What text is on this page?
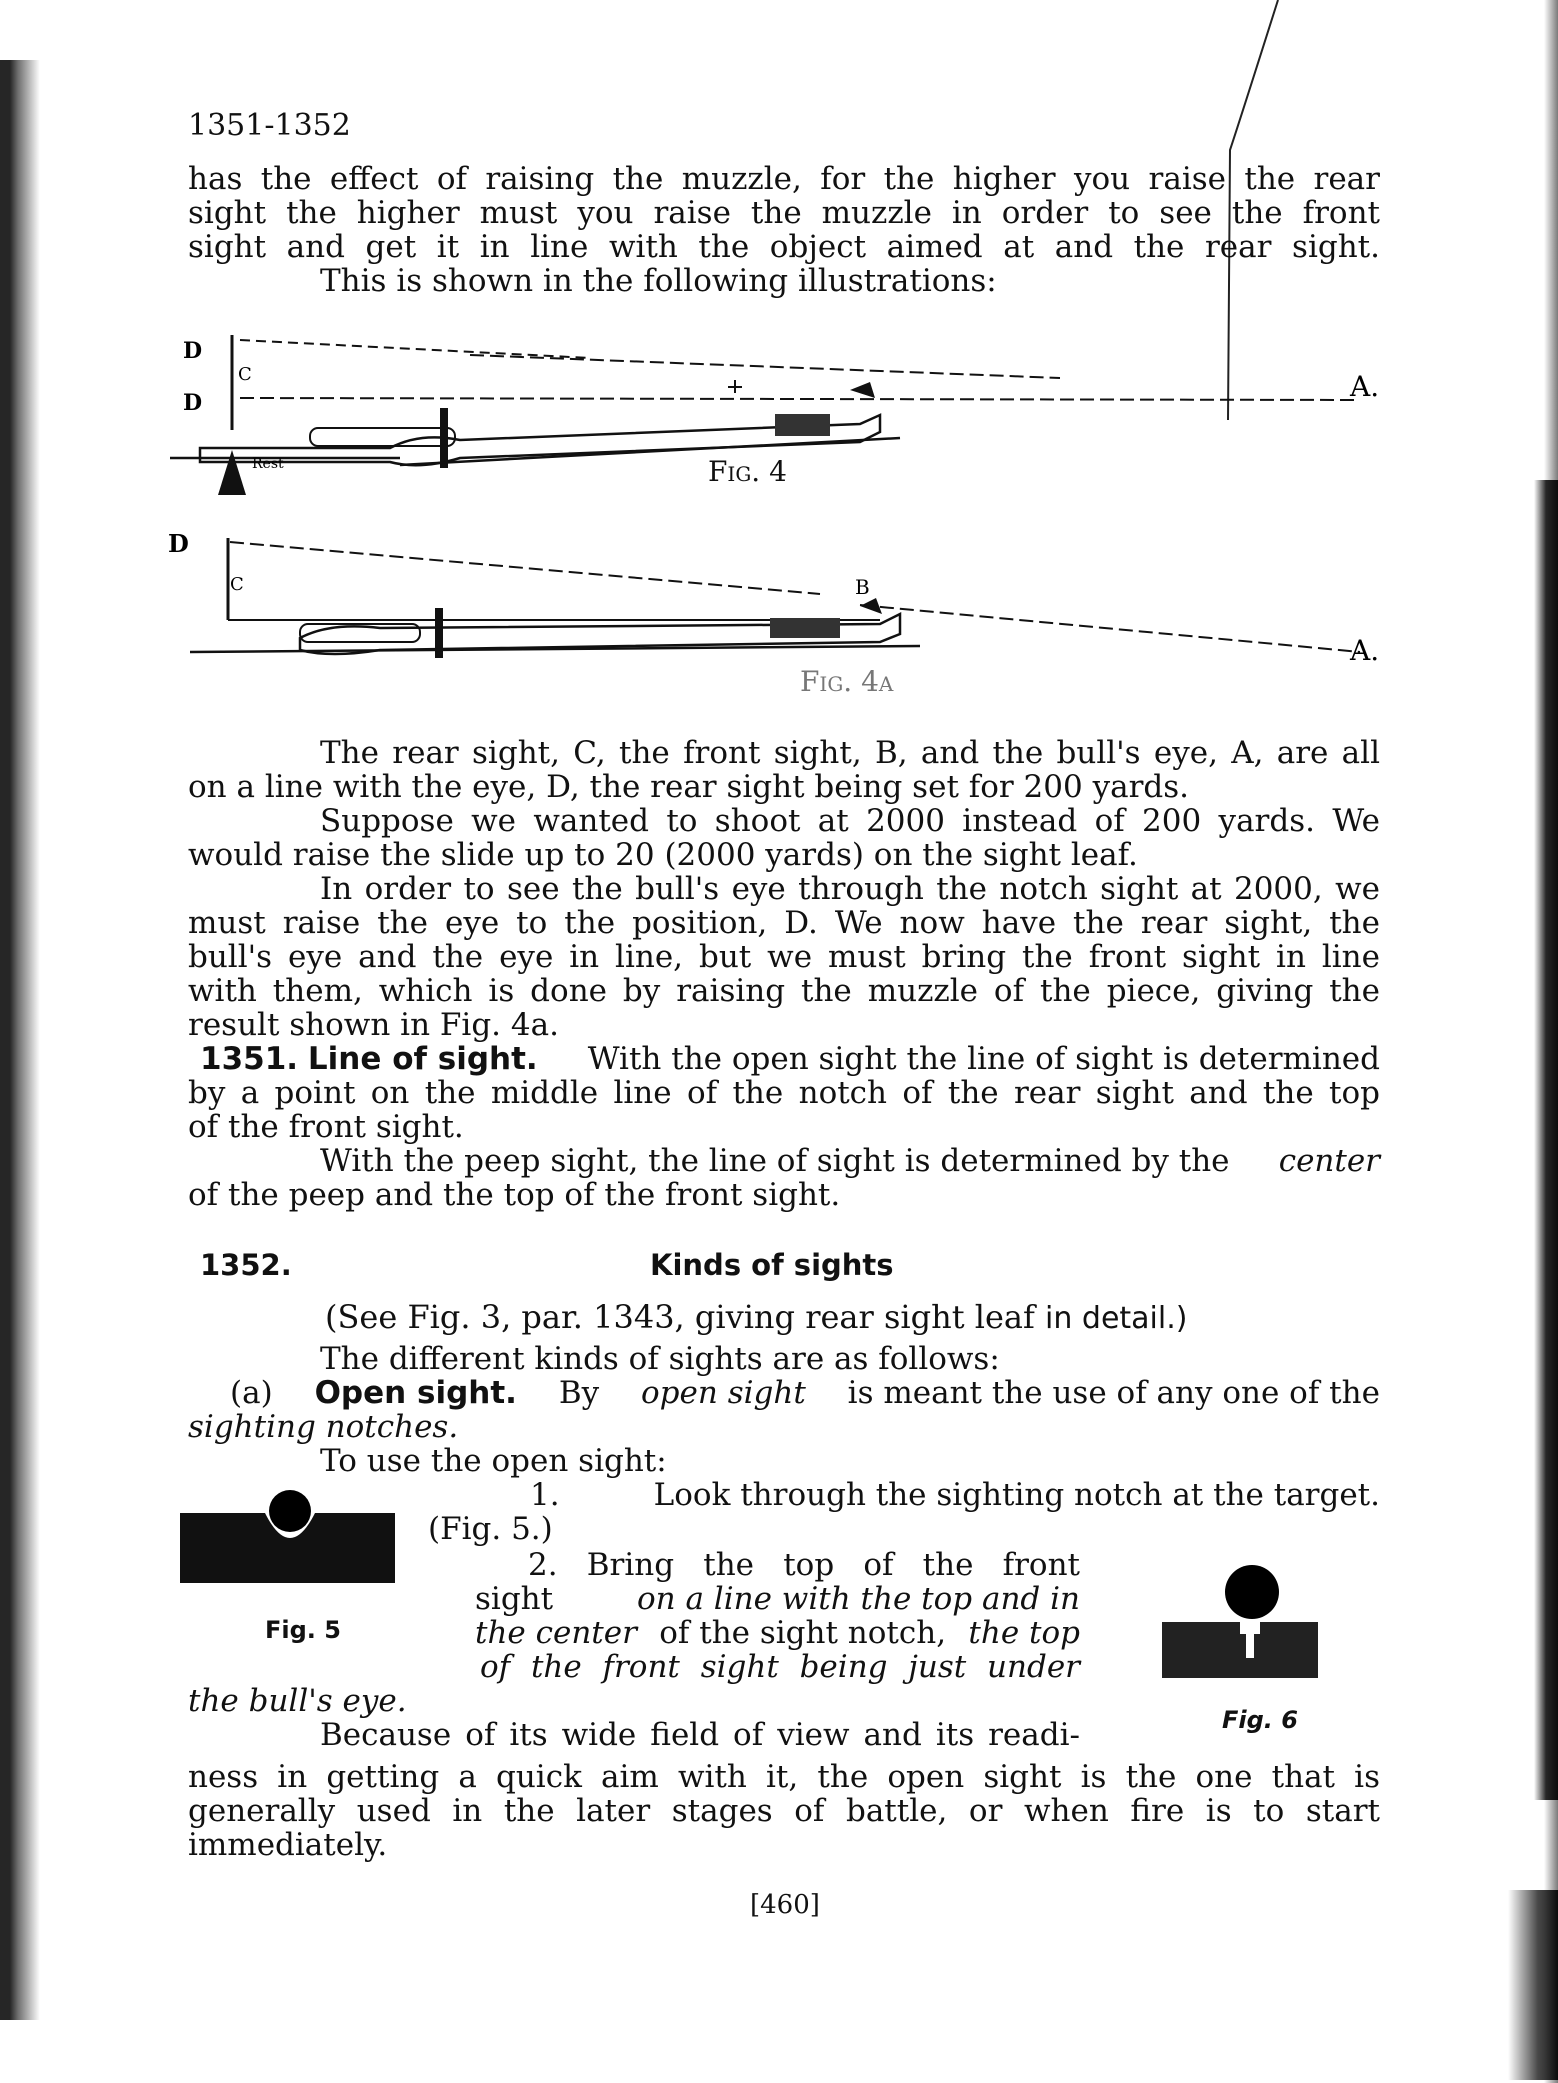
1351-1352
has the effect of raising the muzzle, for the higher you raise the rear
sight the higher must you raise the muzzle in order to see the front
sight and get it in line with the object aimed at and the rear sight.
This is shown in the following illustrations:
D
D
C	A.
Rest	Fig. 4
D
C	B
A.
Fig. 4a
The rear sight, C, the front sight, B, and the bull's eye, A, are all
on a line with the eye, D, the rear sight being set for 200 yards.
Suppose we wanted to shoot at 2000 instead of 200 yards. We
would raise the slide up to 20 (2000 yards) on the sight leaf.
In order to see the bull's eye through the notch sight at 2000, we
must raise the eye to the position, D. We now have the rear sight, the
bull's eye and the eye in line, but we must bring the front sight in line
with them, which is done by raising the muzzle of the piece, giving the
result shown in Fig. 4a.
1351. Line of sight. With the open sight the line of sight is determined
by a point on the middle line of the notch of the rear sight and the top
of the front sight.
With the peep sight, the line of sight is determined by the center
of the peep and the top of the front sight.
1352.	Kinds of sights
(See Fig. 3, par. 1343, giving rear sight leaf in detail.)
The different kinds of sights are as follows:
(a) Open sight. By open sight is meant the use of any one of the
sighting notches.
To use the open sight:
1.	Look through the sighting notch at the target.
(Fig. 5.)
2. Bring the top of the front
sight	on a line with the top and in
the center of the sight notch, the top
of the front sight being just under
the bull's eye.
Because of its wide field of view and its readi-
ness in getting a quick aim with it, the open sight is the one that is
generally used in the later stages of battle, or when fire is to start
immediately.
Fig. 5
Fig. 6
[460]
